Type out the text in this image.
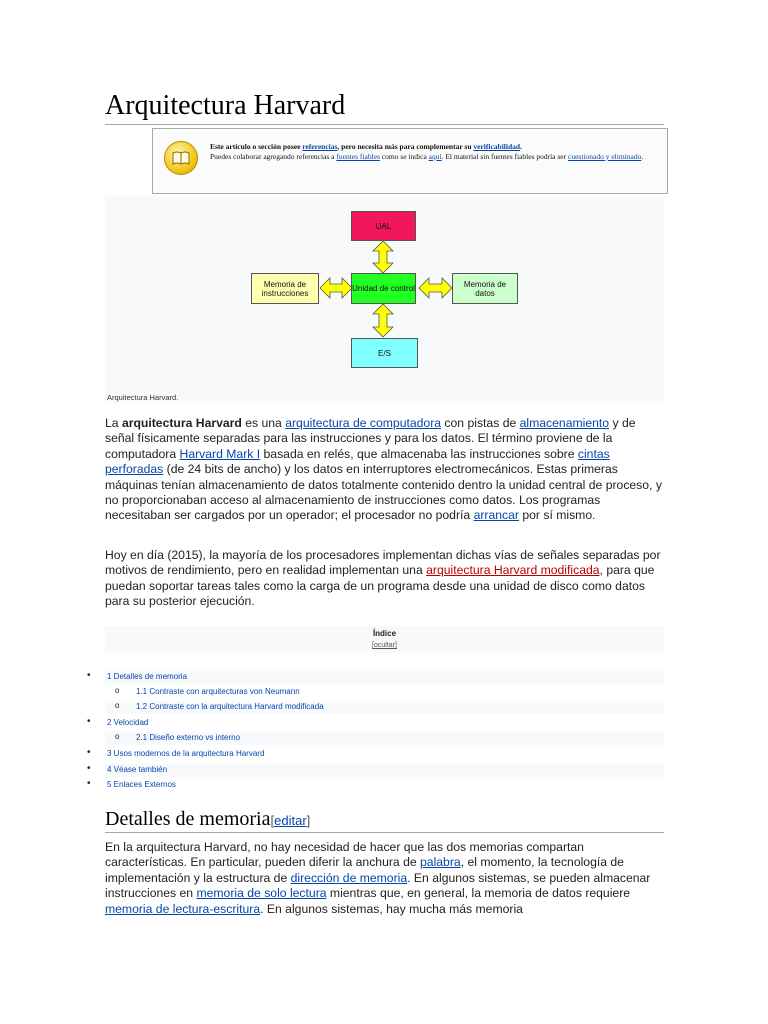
Arquitectura Harvard
Este artículo o sección posee referencias, pero necesita más para complementar su verificabilidad.
Puedes colaborar agregando referencias a fuentes fiables como se indica aquí. El material sin fuentes fiables podría ser cuestionado y eliminado.
UAL
Unidad de control
Memoria de instrucciones
Memoria de datos
E/S
Arquitectura Harvard.

La arquitectura Harvard es una arquitectura de computadora con pistas de almacenamiento y de señal físicamente separadas para las instrucciones y para los datos. El término proviene de la computadora Harvard Mark I basada en relés, que almacenaba las instrucciones sobre cintas perforadas (de 24 bits de ancho) y los datos en interruptores electromecánicos. Estas primeras máquinas tenían almacenamiento de datos totalmente contenido dentro la unidad central de proceso, y no proporcionaban acceso al almacenamiento de instrucciones como datos. Los programas necesitaban ser cargados por un operador; el procesador no podría arrancar por sí mismo.

Hoy en día (2015), la mayoría de los procesadores implementan dichas vías de señales separadas por motivos de rendimiento, pero en realidad implementan una arquitectura Harvard modificada, para que puedan soportar tareas tales como la carga de un programa desde una unidad de disco como datos para su posterior ejecución.

Índice
[ocultar]
• 1 Detalles de memoria
o 1.1 Contraste con arquitecturas von Neumann
o 1.2 Contraste con la arquitectura Harvard modificada
• 2 Velocidad
o 2.1 Diseño externo vs interno
• 3 Usos modernos de la arquitectura Harvard
• 4 Véase también
• 5 Enlaces Externos
Detalles de memoria[editar]

En la arquitectura Harvard, no hay necesidad de hacer que las dos memorias compartan características. En particular, pueden diferir la anchura de palabra, el momento, la tecnología de implementación y la estructura de dirección de memoria. En algunos sistemas, se pueden almacenar instrucciones en memoria de solo lectura mientras que, en general, la memoria de datos requiere memoria de lectura-escritura. En algunos sistemas, hay mucha más memoria
